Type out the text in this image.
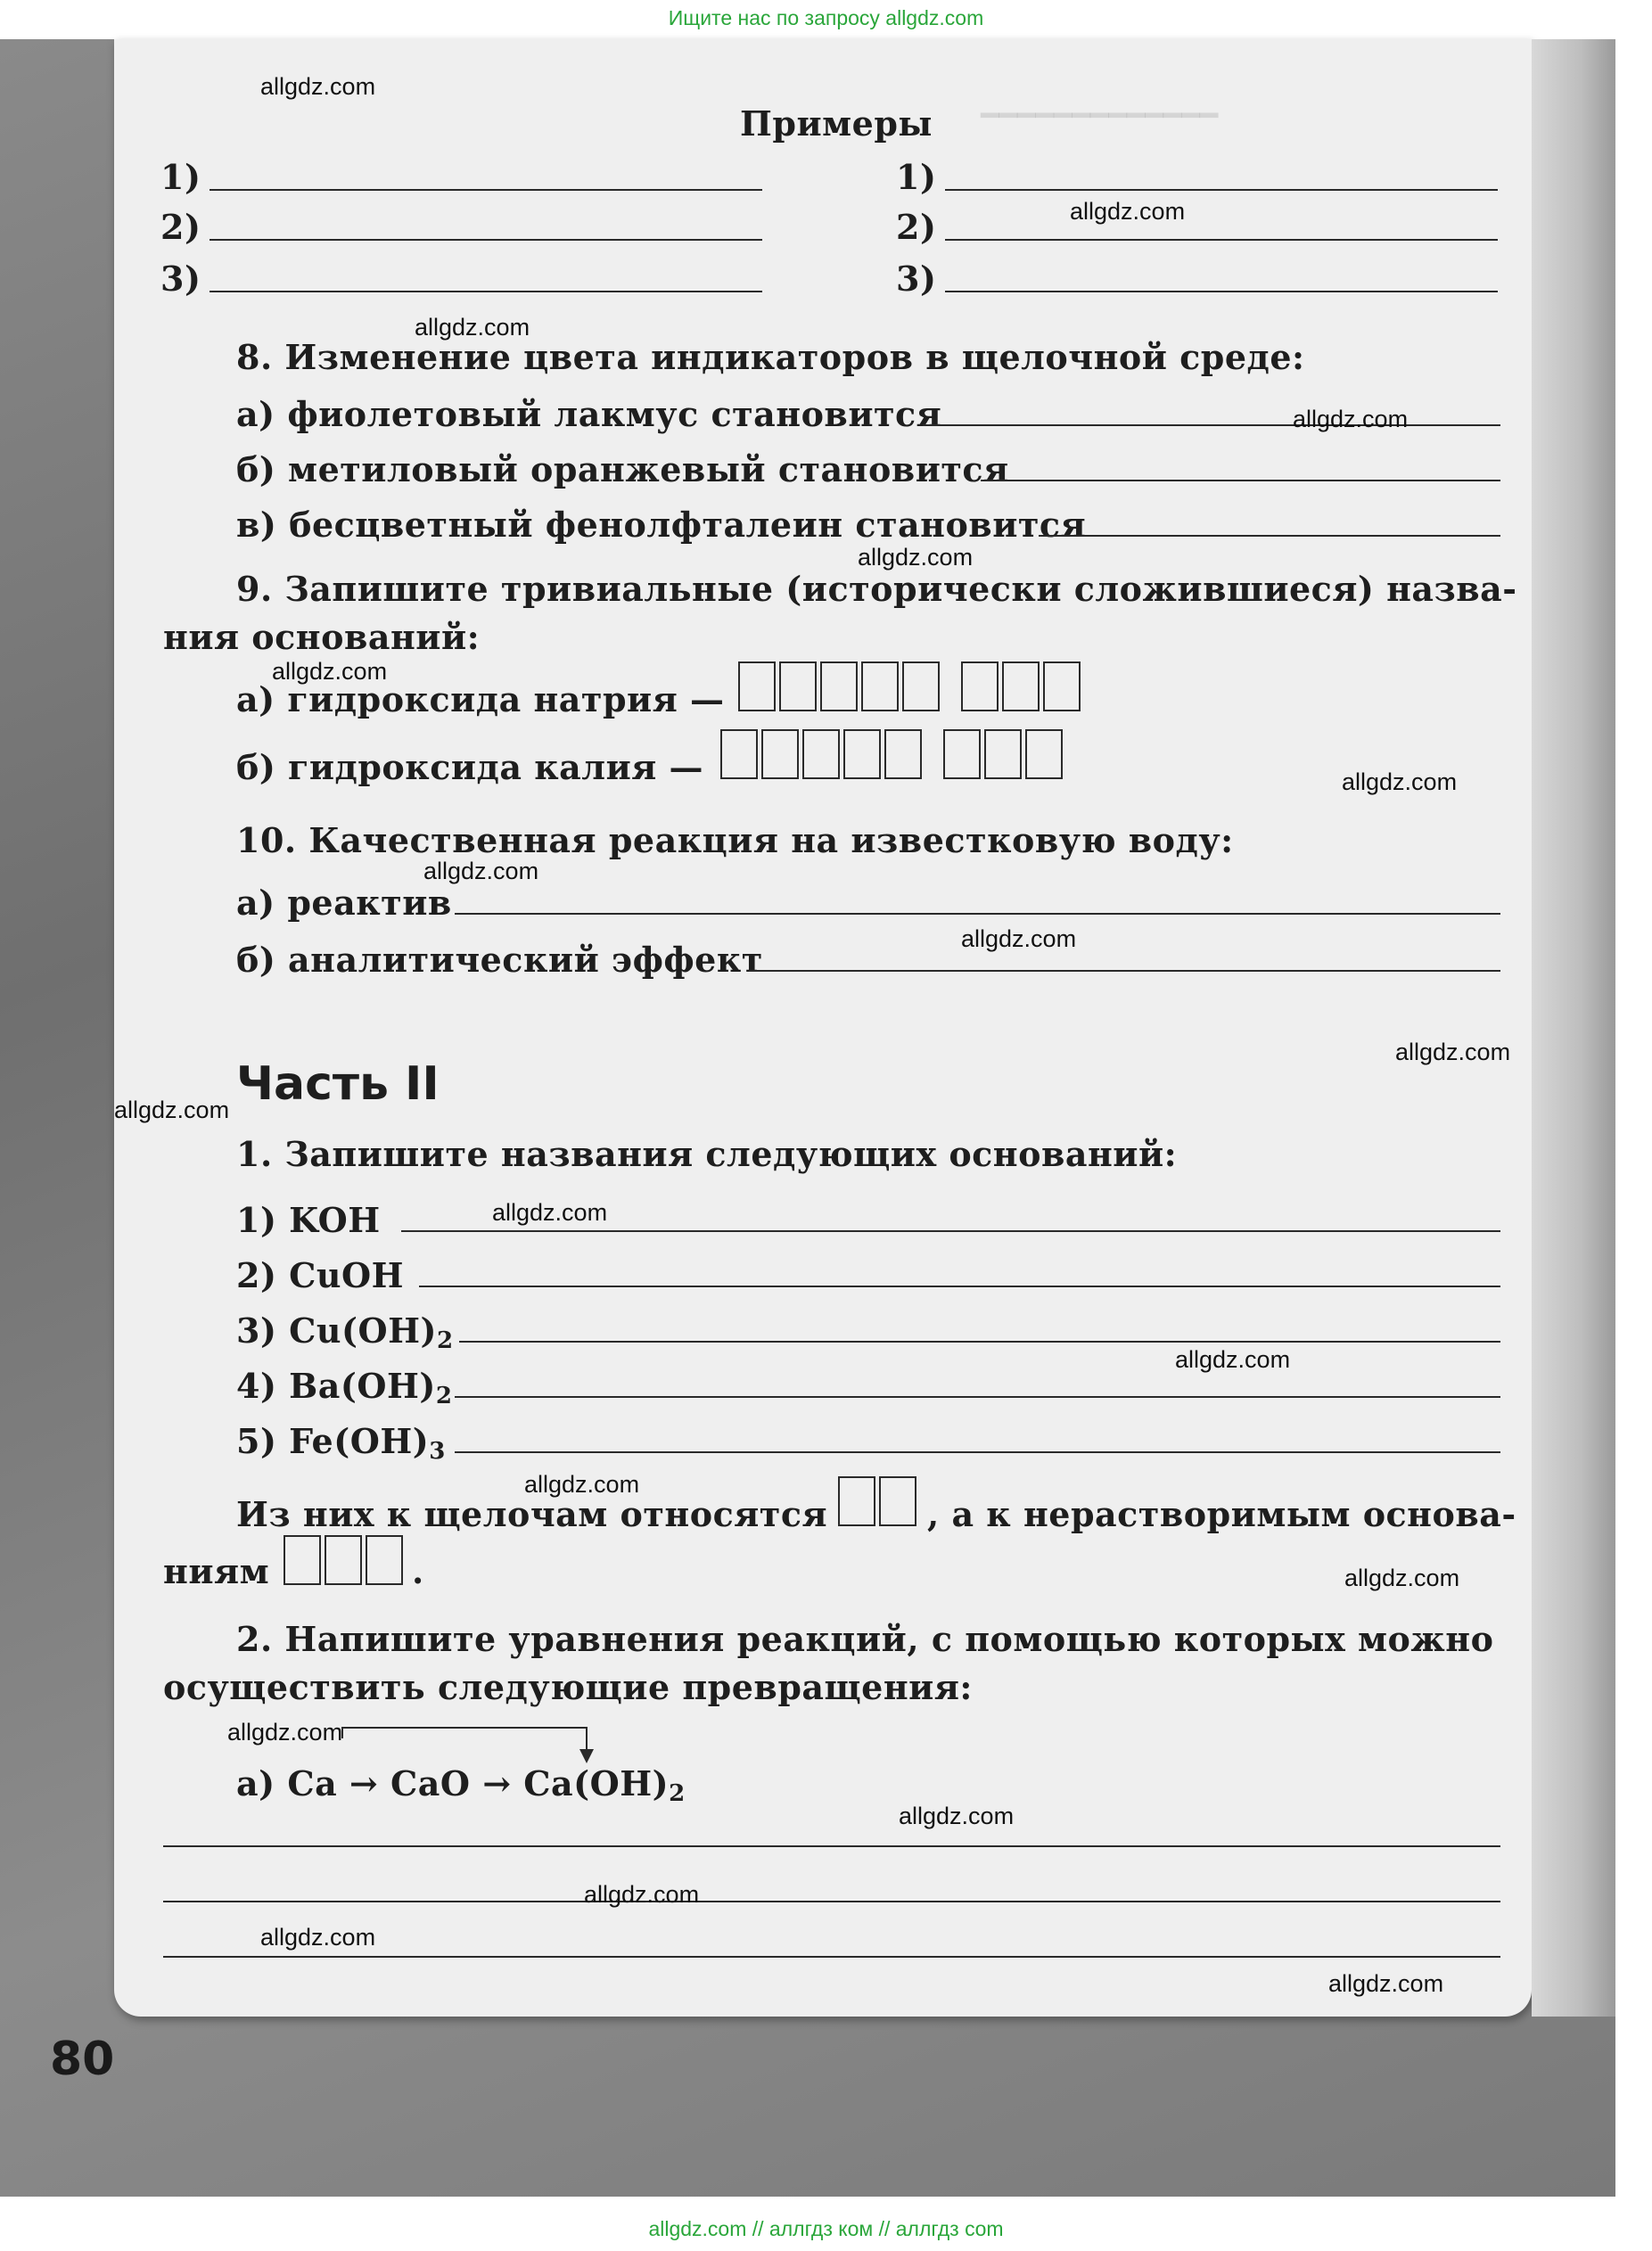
Ищите нас по запросу allgdz.com
━━━━━━━━━━━━━
Примеры
1)
2)
3)
1)
2)
3)
8. Изменение цвета индикаторов в щелочной среде:
а) фиолетовый лакмус становится
б) метиловый оранжевый становится
в) бесцветный фенолфталеин становится
9. Запишите тривиальные (исторически сложившиеся) назва-
ния оснований:
а) гидроксида натрия —
б) гидроксида калия —
10. Качественная реакция на известковую воду:
а) реактив
б) аналитический эффект
Часть II
1. Запишите названия следующих оснований:
1) KOH
2) CuOH
3) $Cu(OH)_2$
4) $Ba(OH)_2$
5) $Fe(OH)_3$
Из них к щелочам относятся	, а к нерастворимым основа-
ниям	.
2. Напишите уравнения реакций, с помощью которых можно
осуществить следующие превращения:
а) Ca → CaO → $Ca(OH)_2$
80
allgdz.com
allgdz.com
allgdz.com
allgdz.com
allgdz.com
allgdz.com
allgdz.com
allgdz.com
allgdz.com
allgdz.com
allgdz.com
allgdz.com
allgdz.com
allgdz.com
allgdz.com
allgdz.com
allgdz.com
allgdz.com
allgdz.com
allgdz.com
allgdz.com // аллгдз ком // аллгдз com
